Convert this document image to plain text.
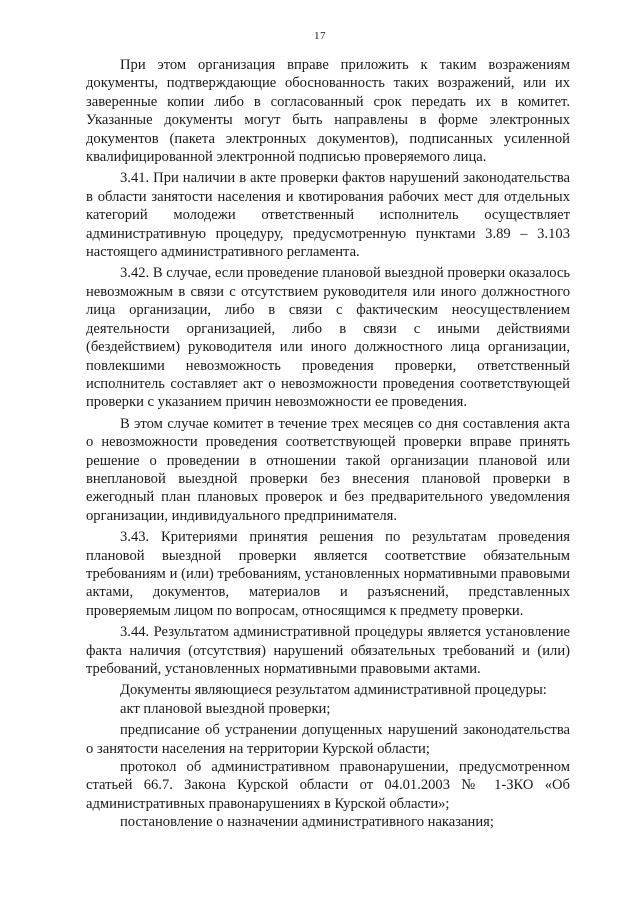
17

При этом организация вправе приложить к таким возражениям документы, подтверждающие обоснованность таких возражений, или их заверенные копии либо в согласованный срок передать их в комитет. Указанные документы могут быть направлены в форме электронных документов (пакета электронных документов), подписанных усиленной квалифицированной электронной подписью проверяемого лица.

3.41. При наличии в акте проверки фактов нарушений законодательства в области занятости населения и квотирования рабочих мест для отдельных категорий молодежи ответственный исполнитель осуществляет административную процедуру, предусмотренную пунктами 3.89 – 3.103 настоящего административного регламента.

3.42. В случае, если проведение плановой выездной проверки оказалось невозможным в связи с отсутствием руководителя или иного должностного лица организации, либо в связи с фактическим неосуществлением деятельности организацией, либо в связи с иными действиями (бездействием) руководителя или иного должностного лица организации, повлекшими невозможность проведения проверки, ответственный исполнитель составляет акт о невозможности проведения соответствующей проверки с указанием причин невозможности ее проведения.

В этом случае комитет в течение трех месяцев со дня составления акта о невозможности проведения соответствующей проверки вправе принять решение о проведении в отношении такой организации плановой или внеплановой выездной проверки без внесения плановой проверки в ежегодный план плановых проверок и без предварительного уведомления организации, индивидуального предпринимателя.

3.43. Критериями принятия решения по результатам проведения плановой выездной проверки является соответствие обязательным требованиям и (или) требованиям, установленных нормативными правовыми актами, документов, материалов и разъяснений, представленных проверяемым лицом по вопросам, относящимся к предмету проверки.

3.44. Результатом административной процедуры является установление факта наличия (отсутствия) нарушений обязательных требований и (или) требований, установленных нормативными правовыми актами.

Документы являющиеся результатом административной процедуры:

акт плановой выездной проверки;

предписание об устранении допущенных нарушений законодательства о занятости населения на территории Курской области;

протокол об административном правонарушении, предусмотренном статьей 66.7. Закона Курской области от 04.01.2003 № 1-ЗКО «Об административных правонарушениях в Курской области»;

постановление о назначении административного наказания;
